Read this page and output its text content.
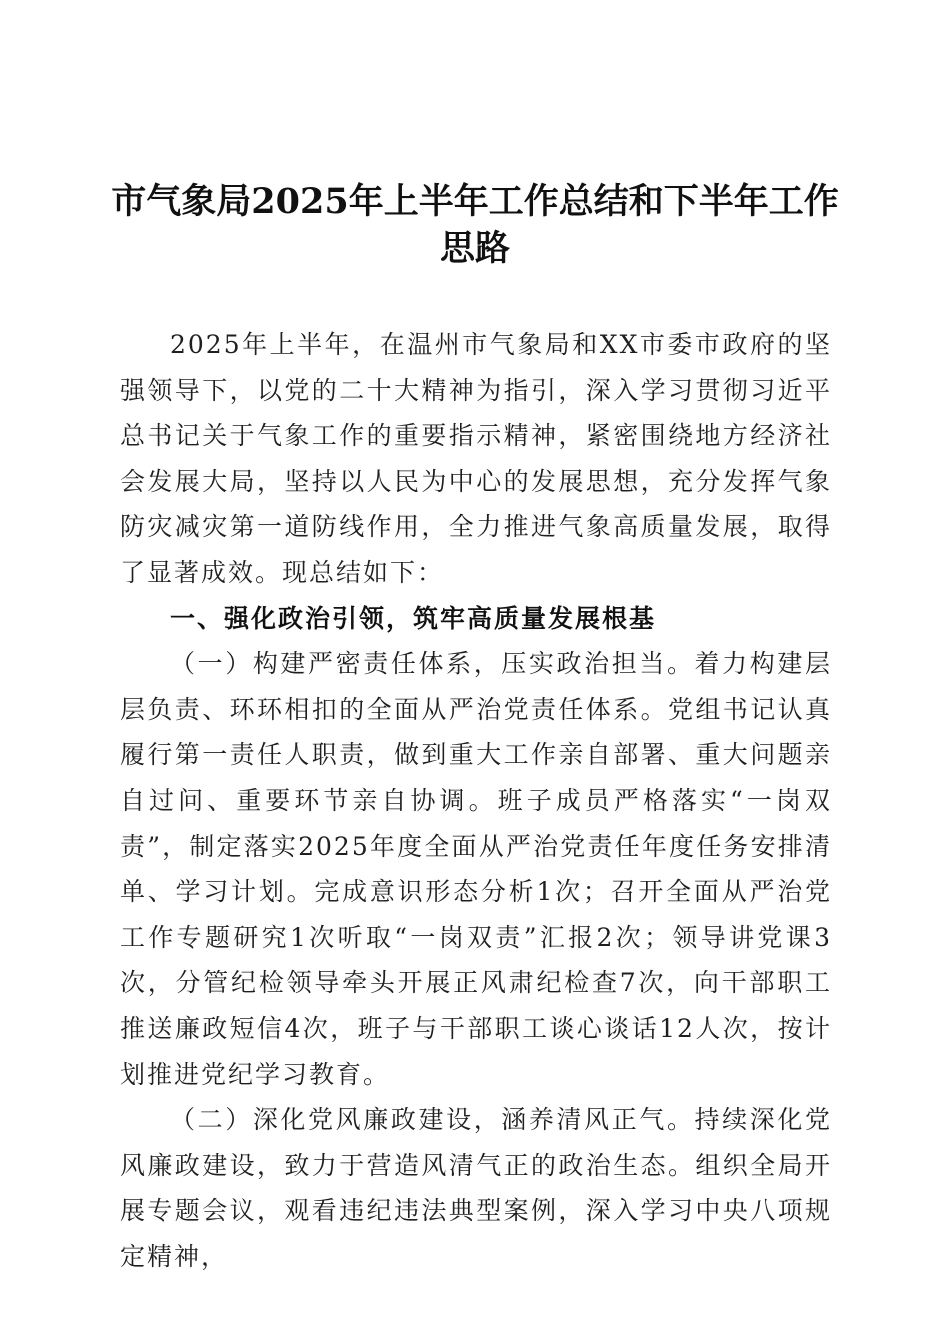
市气象局2025年上半年工作总结和下半年工作思路

2025年上半年，在温州市气象局和XX市委市政府的坚强领导下，以党的二十大精神为指引，深入学习贯彻习近平总书记关于气象工作的重要指示精神，紧密围绕地方经济社会发展大局，坚持以人民为中心的发展思想，充分发挥气象防灾减灾第一道防线作用，全力推进气象高质量发展，取得了显著成效。现总结如下：

一、强化政治引领，筑牢高质量发展根基

（一）构建严密责任体系，压实政治担当。着力构建层层负责、环环相扣的全面从严治党责任体系。党组书记认真履行第一责任人职责，做到重大工作亲自部署、重大问题亲自过问、重要环节亲自协调。班子成员严格落实“一岗双责”，制定落实2025年度全面从严治党责任年度任务安排清单、学习计划。完成意识形态分析1次；召开全面从严治党工作专题研究1次听取“一岗双责”汇报2次；领导讲党课3次，分管纪检领导牵头开展正风肃纪检查7次，向干部职工推送廉政短信4次，班子与干部职工谈心谈话12人次，按计划推进党纪学习教育。

（二）深化党风廉政建设，涵养清风正气。持续深化党风廉政建设，致力于营造风清气正的政治生态。组织全局开展专题会议，观看违纪违法典型案例，深入学习中央八项规定精神，
